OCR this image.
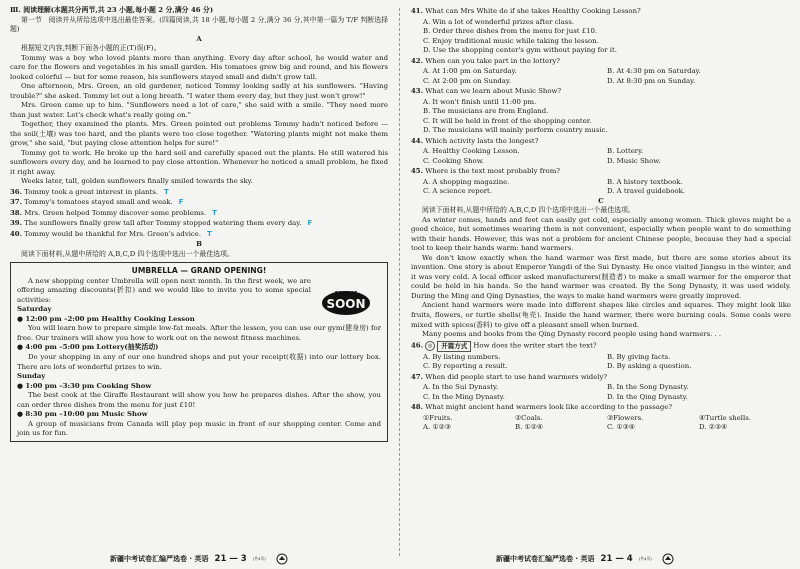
Ⅲ. 阅读理解(本题共分两节,共 23 小题,每小题 2 分,满分 46 分)

第一节　阅读并从所给选项中选出最佳答案。(四篇阅读,共 18 小题,每小题 2 分,满分 36 分,其中第一篇为 T/F 判断选择题)

A

根据短文内容,判断下面各小题的正(T)误(F)。

Tommy was a boy who loved plants more than anything. Every day after school, he would water and care for the flowers and vegetables in his small garden. His tomatoes grew big and round, and his flowers looked colorful — but for some reason, his sunflowers stayed small and didn't grow tall.

One afternoon, Mrs. Green, an old gardener, noticed Tommy looking sadly at his sunflowers. "Having trouble?" she asked. Tommy let out a long breath. "I water them every day, but they just won't grow!"

Mrs. Green came up to him. "Sunflowers need a lot of care," she said with a smile. "They need more than just water. Let's check what's really going on."

Together, they examined the plants. Mrs. Green pointed out problems Tommy hadn't noticed before — the soil(土壤) was too hard, and the plants were too close together. "Watering plants might not make them grow," she said, "but paying close attention helps for sure!"

Tommy got to work. He broke up the hard soil and carefully spaced out the plants. He still watered his sunflowers every day, and he learned to pay close attention. Whenever he noticed a small problem, he fixed it right away.

Weeks later, tall, golden sunflowers finally smiled towards the sky.

36. Tommy took a great interest in plants. T

37. Tommy's tomatoes stayed small and weak. F

38. Mrs. Green helped Tommy discover some problems. T

39. The sunflowers finally grew tall after Tommy stopped watering them every day. F

40. Tommy would be thankful for Mrs. Green's advice. T

B

阅读下面材料,从题中所给的 A,B,C,D 四个选项中选出一个最佳选项。

UMBRELLA — GRAND OPENING!

A new shopping center Umbrella will open next month. In the first week, we are offering amazing discounts(折扣) and we would like to invite you to some special activities:

COMING
SOON

Saturday

● 12:00 pm –2:00 pm Healthy Cooking Lesson

You will learn how to prepare simple low-fat meals. After the lesson, you can use our gym(健身房) for free. Our trainers will show you how to work out on the newest fitness machines.

● 4:00 pm –5:00 pm Lottery(抽奖活动)

Do your shopping in any of our one hundred shops and put your receipt(收据) into our lottery box. There are lots of wonderful prizes to win.

Sunday

● 1:00 pm –3:30 pm Cooking Show

The best cook at the Giraffe Restaurant will show you how he prepares dishes. After the show, you can order three dishes from the menu for just £10!

● 8:30 pm –10:00 pm Music Show

A group of musicians from Canada will play pop music in front of our shopping center. Come and join us for fun.

41. What can Mrs White do if she takes Healthy Cooking Lesson?

A. Win a lot of wonderful prizes after class.

B. Order three dishes from the menu for just £10.

C. Enjoy traditional music while taking the lesson.

D. Use the shopping center's gym without paying for it.

42. When can you take part in the lottery?

A. At 1:00 pm on Saturday.	B. At 4:30 pm on Saturday.
C. At 2:00 pm on Sunday.	D. At 8:30 pm on Sunday.

43. What can we learn about Music Show?

A. It won't finish until 11:00 pm.

B. The musicians are from England.

C. It will be held in front of the shopping center.

D. The musicians will mainly perform country music.

44. Which activity lasts the longest?

A. Healthy Cooking Lesson.	B. Lottery.
C. Cooking Show.	D. Music Show.

45. Where is the text most probably from?

A. A shopping magazine.	B. A history textbook.
C. A science report.	D. A travel guidebook.

C

阅读下面材料,从题中所给的 A,B,C,D 四个选项中选出一个最佳选项。

As winter comes, hands and feet can easily get cold, especially among women. Thick gloves might be a good choice, but sometimes wearing them is not convenient, especially when people want to do something with their hands. However, this was not a problem for ancient Chinese people, because they had a special tool to keep their hands warm: hand warmers.

We don't know exactly when the hand warmer was first made, but there are some stories about its invention. One story is about Emperor Yangdi of the Sui Dynasty. He once visited Jiangsu in the winter, and it was very cold. A local officer asked manufacturers(制造者) to make a small warmer for the emperor that could be held in his hands. So the hand warmer was created. By the Song Dynasty, it was used widely. During the Ming and Qing Dynasties, the ways to make hand warmers were greatly improved.

Ancient hand warmers were made into different shapes like circles and squares. They might look like fruits, flowers, or turtle shells(龟壳). Inside the hand warmer, there were burning coals. Some coals were mixed with spices(香料) to give off a pleasant smell when burned.

Many poems and books from the Qing Dynasty record people using hand warmers. . .

46.	◎	开篇方式 How does the writer start the text?

A. By listing numbers.	B. By giving facts.
C. By reporting a result.	D. By asking a question.

47. When did people start to use hand warmers widely?

A. In the Sui Dynasty.	B. In the Song Dynasty.
C. In the Ming Dynasty.	D. In the Qing Dynasty.

48. What might ancient hand warmers look like according to the passage?

①Fruits.	②Coals.	③Flowers.	④Turtle shells.
A. ①②③	B. ①②④	C. ①③④	D. ②③④
新疆中考试卷汇编严选卷 · 英语 21 — 3 (共4页)	新疆中考试卷汇编严选卷 · 英语 21 — 4 (共4页)
